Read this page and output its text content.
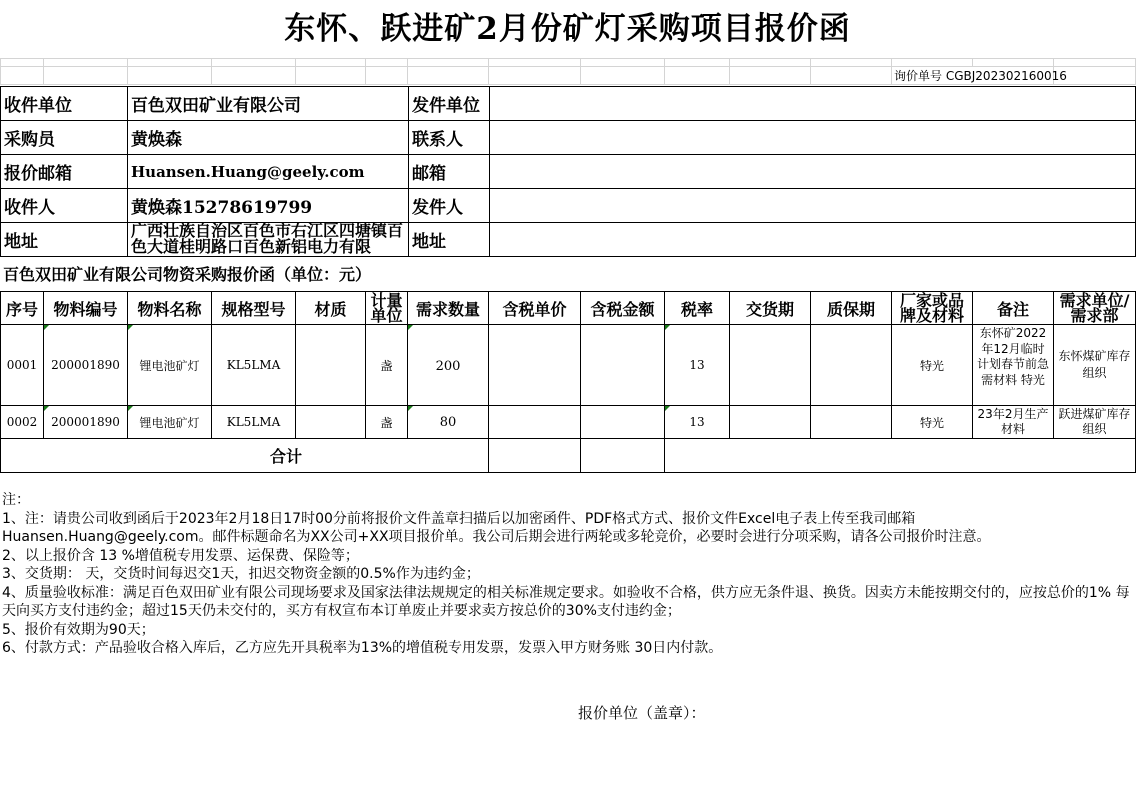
东怀、跃进矿2月份矿灯采购项目报价函

												询价单号 CGBJ202302160016		
收件单位	百色双田矿业有限公司	发件单位	
采购员	黄焕森	联系人	
报价邮箱	Huansen.Huang@geely.com	邮箱	
收件人	黄焕森15278619799	发件人	
地址	广西壮族自治区百色市右江区四塘镇百色大道桂明路口百色新铝电力有限	地址	
百色双田矿业有限公司物资采购报价函（单位：元）
序号	物料编号	物料名称	规格型号	材质	计量单位	需求数量	含税单价	含税金额	税率	交货期	质保期	厂家或品牌及材料	备注	需求单位/需求部

0001	200001890	锂电池矿灯	KL5LMA		盏	200			13			特光	东怀矿2022年12月临时计划春节前急需材料 特光	东怀煤矿库存组织

0002	200001890	锂电池矿灯	KL5LMA		盏	80			13			特光	23年2月生产材料	跃进煤矿库存组织

合计														
注：
1、注：请贵公司收到函后于2023年2月18日17时00分前将报价文件盖章扫描后以加密函件、PDF格式方式、报价文件Excel电子表上传至我司邮箱
Huansen.Huang@geely.com。邮件标题命名为XX公司+XX项目报价单。我公司后期会进行两轮或多轮竞价，必要时会进行分项采购，请各公司报价时注意。
2、以上报价含 13 %增值税专用发票、运保费、保险等；
3、交货期： 天，交货时间每迟交1天，扣迟交物资金额的0.5%作为违约金；
4、质量验收标准：满足百色双田矿业有限公司现场要求及国家法律法规规定的相关标准规定要求。如验收不合格，供方应无条件退、换货。因卖方未能按期交付的，应按总价的1% 每天向买方支付违约金；超过15天仍未交付的，买方有权宣布本订单废止并要求卖方按总价的30%支付违约金；
5、报价有效期为90天；
6、付款方式：产品验收合格入库后，乙方应先开具税率为13%的增值税专用发票，发票入甲方财务账 30日内付款。
报价单位（盖章）：
